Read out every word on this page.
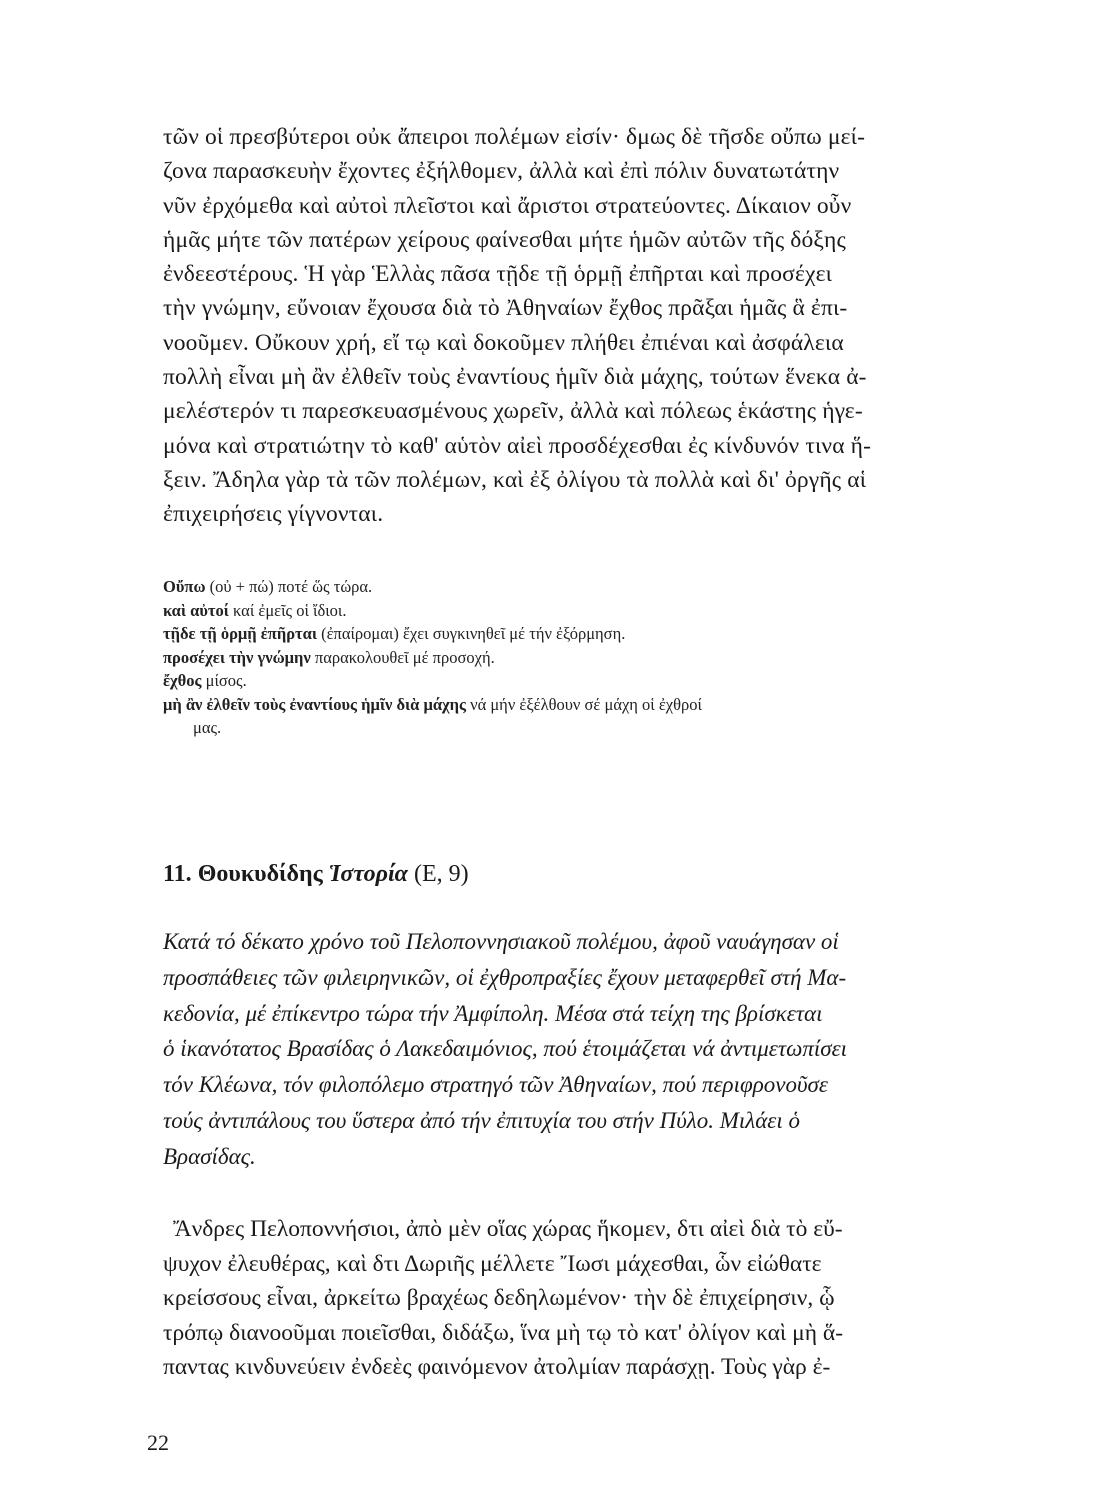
τῶν οἱ πρεσβύτεροι οὐκ ἄπειροι πολέμων εἰσίν· δμως δὲ τῆσδε οὔπω μεί-
ζονα παρασκευὴν ἔχοντες ἐξήλθομεν, ἀλλὰ καὶ ἐπὶ πόλιν δυνατωτάτην
νῦν ἐρχόμεθα καὶ αὐτοὶ πλεῖστοι καὶ ἄριστοι στρατεύοντες. Δίκαιον οὖν
ἡμᾶς μήτε τῶν πατέρων χείρους φαίνεσθαι μήτε ἡμῶν αὐτῶν τῆς δόξης
ἐνδεεστέρους. Ἡ γὰρ Ἑλλὰς πᾶσα τῇδε τῇ ὁρμῇ ἐπῆρται καὶ προσέχει
τὴν γνώμην, εὔνοιαν ἔχουσα διὰ τὸ Ἀθηναίων ἔχθος πρᾶξαι ἡμᾶς ἃ ἐπι-
νοοῦμεν. Οὔκουν χρή, εἴ τῳ καὶ δοκοῦμεν πλήθει ἐπιέναι καὶ ἀσφάλεια
πολλὴ εἶναι μὴ ἂν ἐλθεῖν τοὺς ἐναντίους ἡμῖν διὰ μάχης, τούτων ἕνεκα ἀ-
μελέστερόν τι παρεσκευασμένους χωρεῖν, ἀλλὰ καὶ πόλεως ἑκάστης ἡγε-
μόνα καὶ στρατιώτην τὸ καθ' αὑτὸν αἰεὶ προσδέχεσθαι ἐς κίνδυνόν τινα ἥ-
ξειν. Ἄδηλα γὰρ τὰ τῶν πολέμων, καὶ ἐξ ὀλίγου τὰ πολλὰ καὶ δι' ὀργῆς αἱ
ἐπιχειρήσεις γίγνονται.
Οὔπω (οὐ + πώ) ποτέ ὥς τώρα.
καὶ αὐτοί καί ἐμεῖς οἱ ἴδιοι.
τῇδε τῇ ὁρμῇ ἐπῆρται (ἐπαίρομαι) ἔχει συγκινηθεῖ μέ τήν ἐξόρμηση.
προσέχει τὴν γνώμην παρακολουθεῖ μέ προσοχή.
ἔχθος μίσος.
μὴ ἂν ἐλθεῖν τοὺς ἐναντίους ἡμῖν διὰ μάχης νά μήν ἐξέλθουν σέ μάχη οἱ ἐχθροί
μας.
11. Θουκυδίδης Ἱστορία (Ε, 9)
Κατά τό δέκατο χρόνο τοῦ Πελοποννησιακοῦ πολέμου, ἀφοῦ ναυάγησαν οἱ
προσπάθειες τῶν φιλειρηνικῶν, οἱ ἐχθροπραξίες ἔχουν μεταφερθεῖ στή Μα-
κεδονία, μέ ἐπίκεντρο τώρα τήν Ἀμφίπολη. Μέσα στά τείχη της βρίσκεται
ὁ ἱκανότατος Βρασίδας ὁ Λακεδαιμόνιος, πού ἑτοιμάζεται νά ἀντιμετωπίσει
τόν Κλέωνα, τόν φιλοπόλεμο στρατηγό τῶν Ἀθηναίων, πού περιφρονοῦσε
τούς ἀντιπάλους του ὕστερα ἀπό τήν ἐπιτυχία του στήν Πύλο. Μιλάει ὁ
Βρασίδας.
Ἄνδρες Πελοποννήσιοι, ἀπὸ μὲν οἵας χώρας ἥκομεν, δτι αἰεὶ διὰ τὸ εὔ-
ψυχον ἐλευθέρας, καὶ δτι Δωριῆς μέλλετε Ἴωσι μάχεσθαι, ὧν εἰώθατε
κρείσσους εἶναι, ἀρκείτω βραχέως δεδηλωμένον· τὴν δὲ ἐπιχείρησιν, ᾧ
τρόπῳ διανοοῦμαι ποιεῖσθαι, διδάξω, ἵνα μὴ τῳ τὸ κατ' ὀλίγον καὶ μὴ ἅ-
παντας κινδυνεύειν ἐνδεὲς φαινόμενον ἀτολμίαν παράσχῃ. Τοὺς γὰρ ἐ-
22
